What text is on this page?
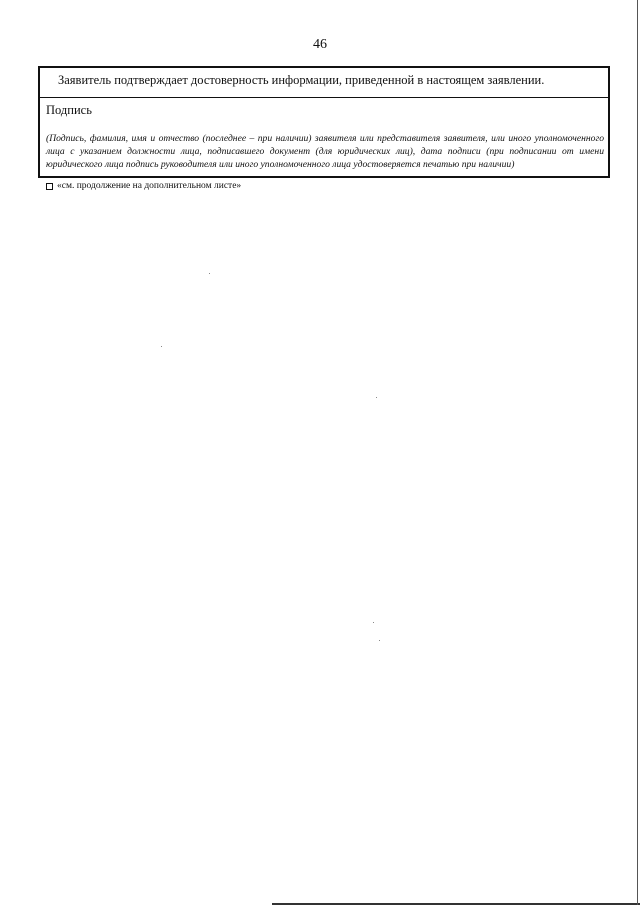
46
Заявитель подтверждает достоверность информации, приведенной в настоящем заявлении.
Подпись
(Подпись, фамилия, имя и отчество (последнее – при наличии) заявителя или представителя заявителя, или иного уполномоченного лица с указанием должности лица, подписавшего документ (для юридических лиц), дата подписи (при подписании от имени юридического лица подпись руководителя или иного уполномоченного лица удостоверяется печатью при наличии)
«см. продолжение на дополнительном листе»
